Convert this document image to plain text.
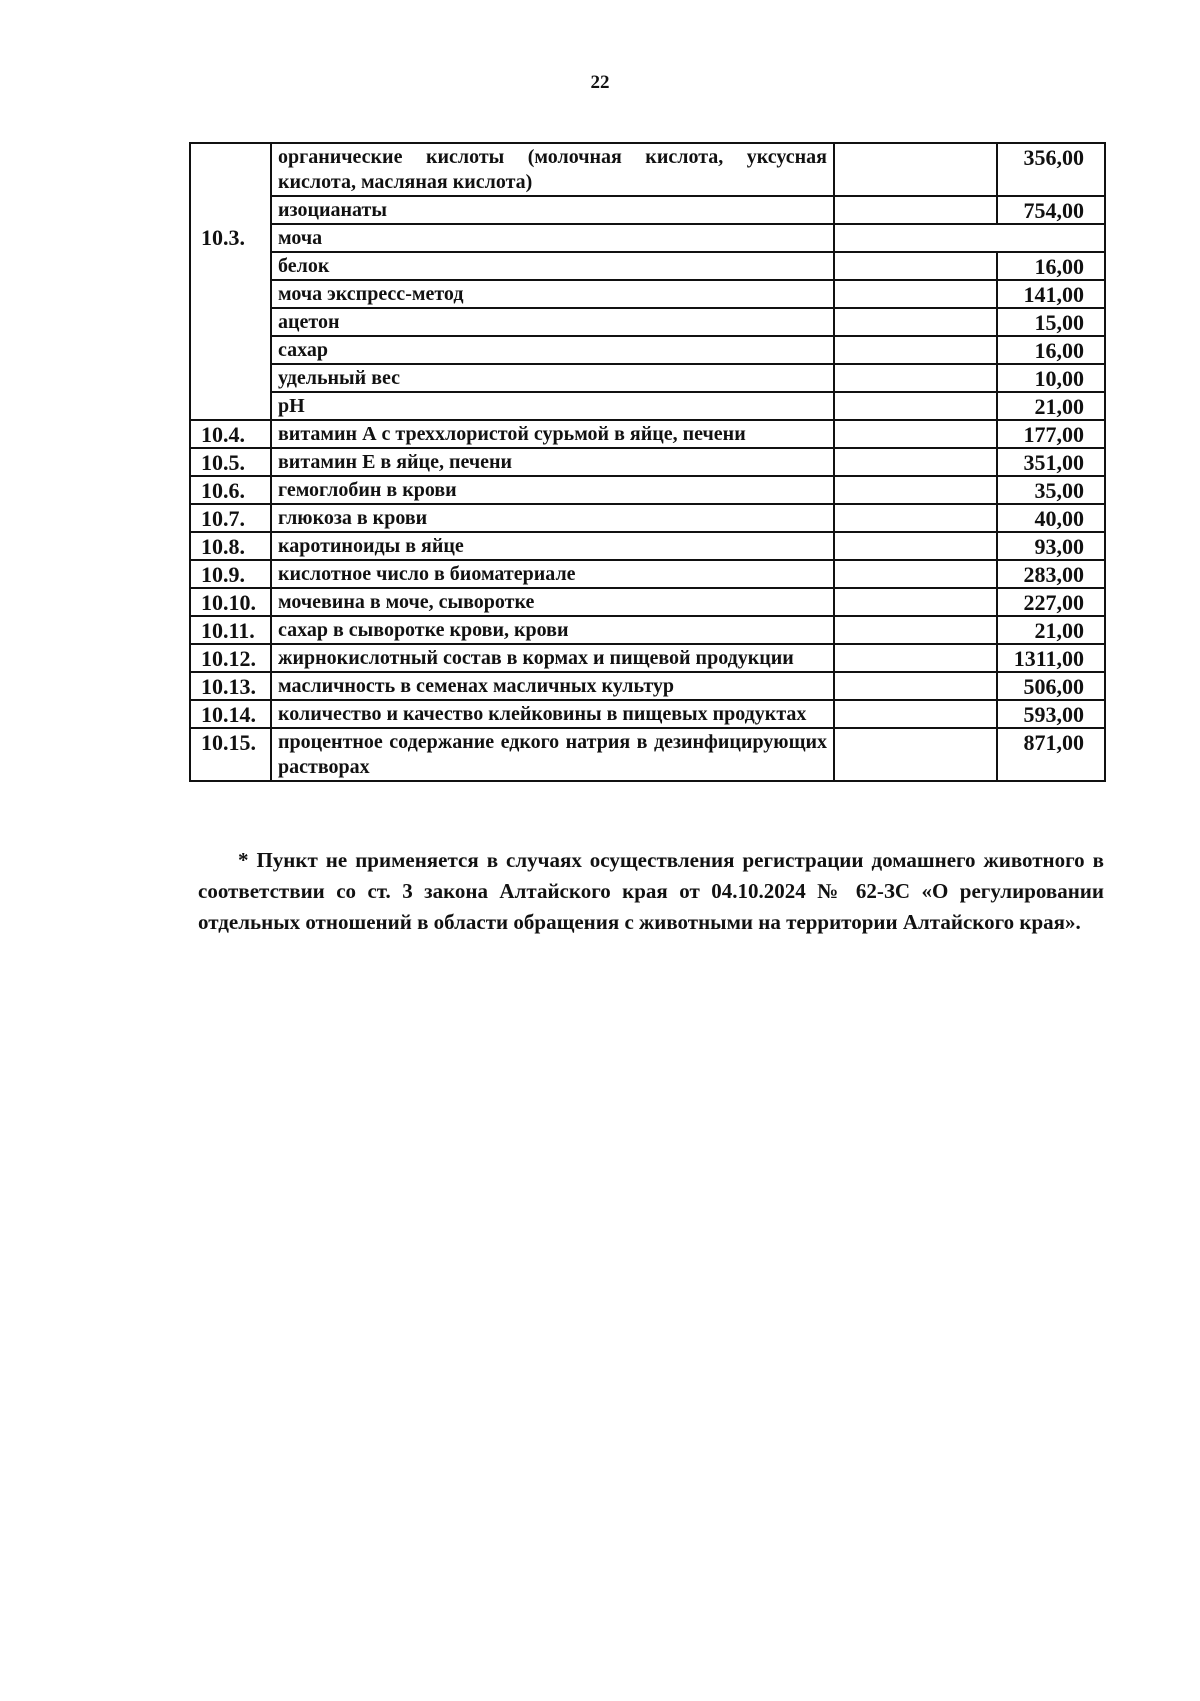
22
	органические кислоты (молочная кислота, уксусная кислота, масляная кислота)		356,00
	изоцианаты		754,00
10.3.	моча		
	белок		16,00
	моча экспресс-метод		141,00
	ацетон		15,00
	сахар		16,00
	удельный вес		10,00
	рН		21,00
10.4.	витамин А с треххлористой сурьмой в яйце, печени		177,00
10.5.	витамин Е в яйце, печени		351,00
10.6.	гемоглобин в крови		35,00
10.7.	глюкоза в крови		40,00
10.8.	каротиноиды в яйце		93,00
10.9.	кислотное число в биоматериале		283,00
10.10.	мочевина в моче, сыворотке		227,00
10.11.	сахар в сыворотке крови, крови		21,00
10.12.	жирнокислотный состав в кормах и пищевой продукции		1311,00
10.13.	масличность в семенах масличных культур		506,00
10.14.	количество и качество клейковины в пищевых продуктах		593,00
10.15.	процентное содержание едкого натрия в дезинфицирующих растворах		871,00
* Пункт не применяется в случаях осуществления регистрации домашнего животного в соответствии со ст. 3 закона Алтайского края от 04.10.2024 № 62-ЗС «О регулировании отдельных отношений в области обращения с животными на территории Алтайского края».
